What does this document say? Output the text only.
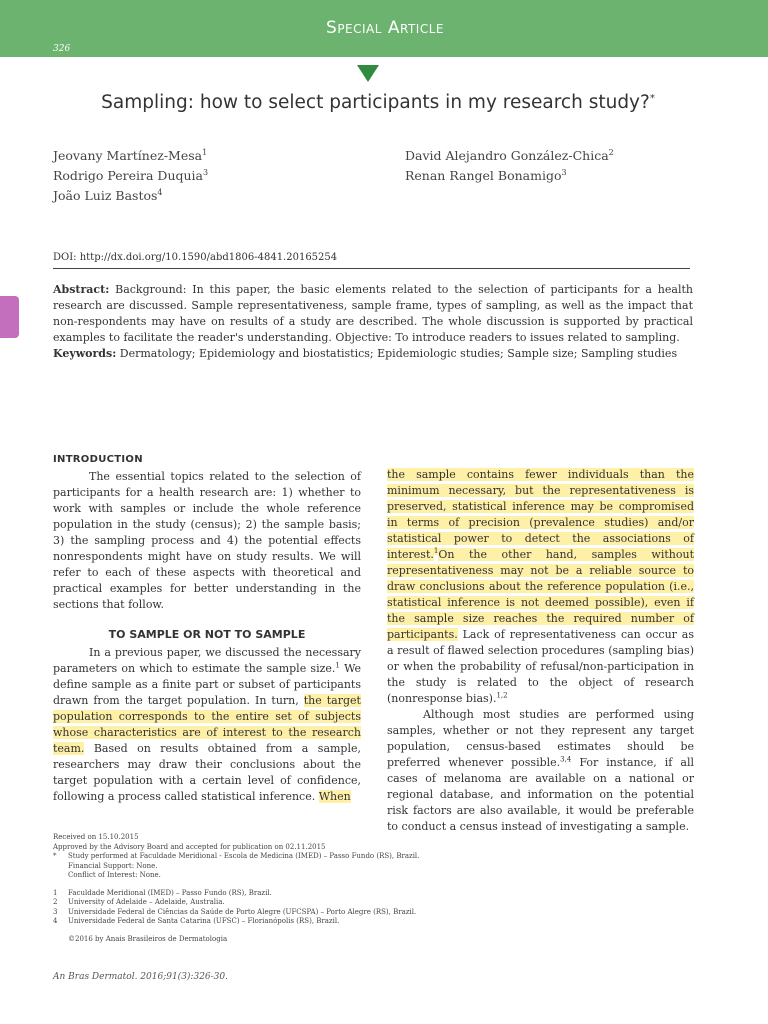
Special Article
326
Sampling: how to select participants in my research study?*
Jeovany Martínez-Mesa$^1$
Rodrigo Pereira Duquia$^3$
João Luiz Bastos$^4$
David Alejandro González-Chica$^2$
Renan Rangel Bonamigo$^3$
DOI: http://dx.doi.org/10.1590/abd1806-4841.20165254
Abstract: Background: In this paper, the basic elements related to the selection of participants for a health research are discussed. Sample representativeness, sample frame, types of sampling, as well as the impact that non-respondents may have on results of a study are described. The whole discussion is supported by practical examples to facilitate the reader's understanding. Objective: To introduce readers to issues related to sampling.
Keywords: Dermatology; Epidemiology and biostatistics; Epidemiologic studies; Sample size; Sampling studies
INTRODUCTION

The essential topics related to the selection of participants for a health research are: 1) whether to work with samples or include the whole reference population in the study (census); 2) the sample basis; 3) the sampling process and 4) the potential effects nonrespondents might have on study results. We will refer to each of these aspects with theoretical and practical examples for better understanding in the sections that follow.

TO SAMPLE OR NOT TO SAMPLE

In a previous paper, we discussed the necessary parameters on which to estimate the sample size.$^1$ We define sample as a finite part or subset of participants drawn from the target population. In turn, the target population corresponds to the entire set of subjects whose characteristics are of interest to the research team. Based on results obtained from a sample, researchers may draw their conclusions about the target population with a certain level of confidence, following a process called statistical inference. When

the sample contains fewer individuals than the minimum necessary, but the representativeness is preserved, statistical inference may be compromised in terms of precision (prevalence studies) and/or statistical power to detect the associations of interest.$^1$On the other hand, samples without representativeness may not be a reliable source to draw conclusions about the reference population (i.e., statistical inference is not deemed possible), even if the sample size reaches the required number of participants. Lack of representativeness can occur as a result of flawed selection procedures (sampling bias) or when the probability of refusal/non-participation in the study is related to the object of research (nonresponse bias).$^{1,2}$

Although most studies are performed using samples, whether or not they represent any target population, census-based estimates should be preferred whenever possible.$^{3,4}$ For instance, if all cases of melanoma are available on a national or regional database, and information on the potential risk factors are also available, it would be preferable to conduct a census instead of investigating a sample.

Received on 15.10.2015
Approved by the Advisory Board and accepted for publication on 02.11.2015
* Study performed at Faculdade Meridional - Escola de Medicina (IMED) – Passo Fundo (RS), Brazil.
Financial Support: None.
Conflict of Interest: None.
1 Faculdade Meridional (IMED) – Passo Fundo (RS), Brazil.
2 University of Adelaide – Adelaide, Australia.
3 Universidade Federal de Ciências da Saúde de Porto Alegre (UFCSPA) – Porto Alegre (RS), Brazil.
4 Universidade Federal de Santa Catarina (UFSC) – Florianópolis (RS), Brazil.
©2016 by Anais Brasileiros de Dermatologia
An Bras Dermatol. 2016;91(3):326-30.
